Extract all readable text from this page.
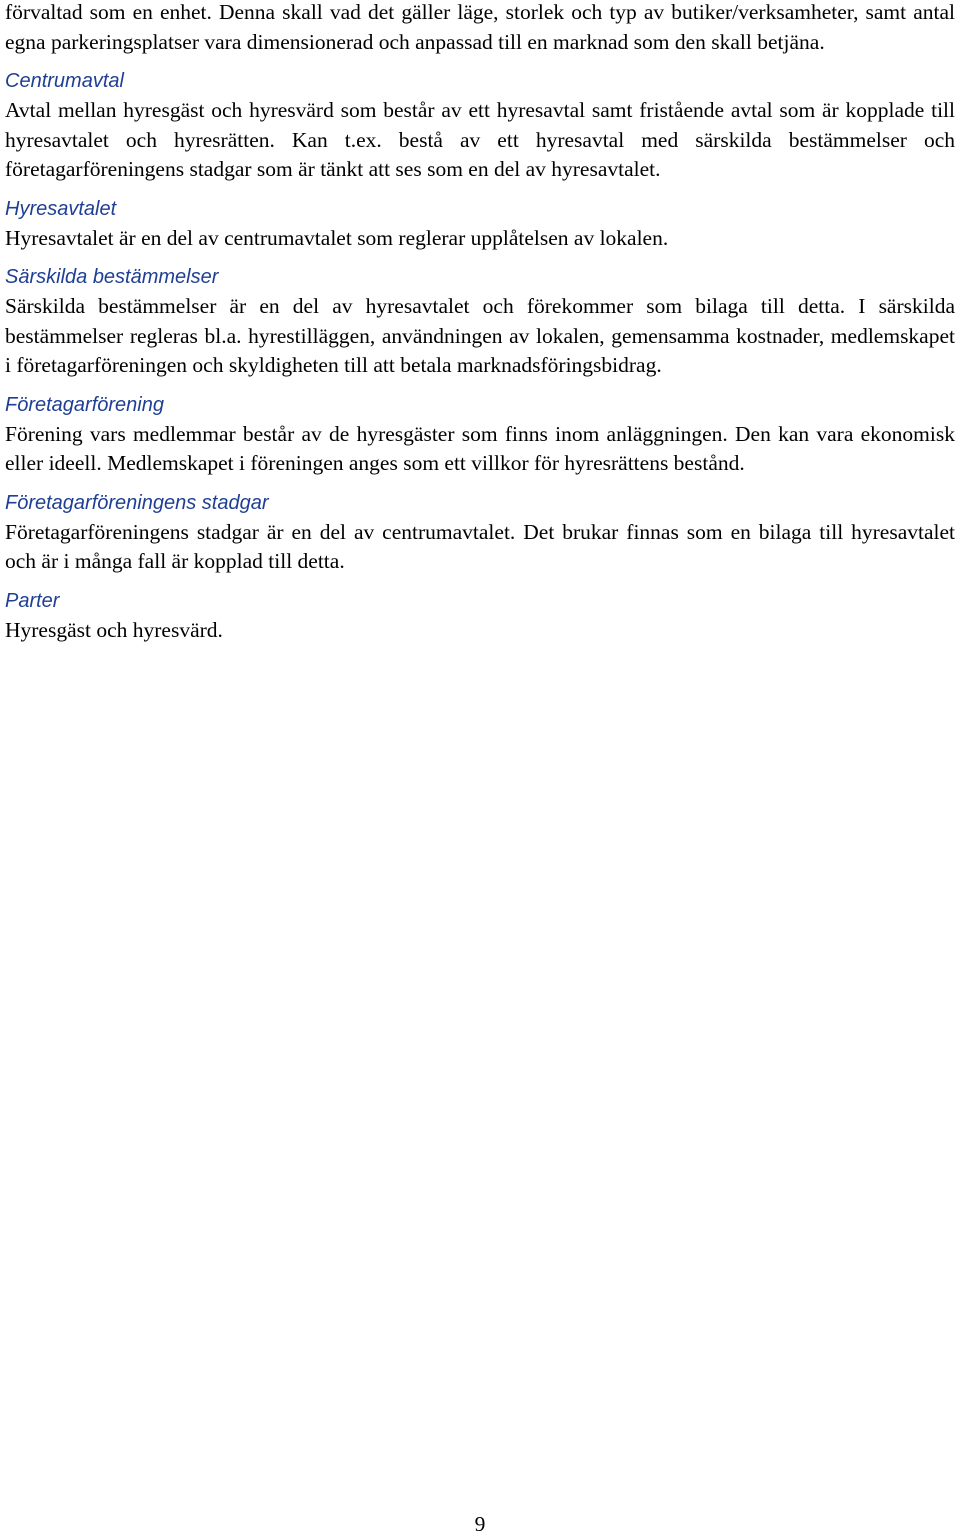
förvaltad som en enhet. Denna skall vad det gäller läge, storlek och typ av butiker/verksamheter, samt antal egna parkeringsplatser vara dimensionerad och anpassad till en marknad som den skall betjäna.

Centrumavtal

Avtal mellan hyresgäst och hyresvärd som består av ett hyresavtal samt fristående avtal som är kopplade till hyresavtalet och hyresrätten. Kan t.ex. bestå av ett hyresavtal med särskilda bestämmelser och företagarföreningens stadgar som är tänkt att ses som en del av hyresavtalet.

Hyresavtalet

Hyresavtalet är en del av centrumavtalet som reglerar upplåtelsen av lokalen.

Särskilda bestämmelser

Särskilda bestämmelser är en del av hyresavtalet och förekommer som bilaga till detta. I särskilda bestämmelser regleras bl.a. hyrestilläggen, användningen av lokalen, gemensamma kostnader, medlemskapet i företagarföreningen och skyldigheten till att betala marknadsföringsbidrag.

Företagarförening

Förening vars medlemmar består av de hyresgäster som finns inom anläggningen. Den kan vara ekonomisk eller ideell. Medlemskapet i föreningen anges som ett villkor för hyresrättens bestånd.

Företagarföreningens stadgar

Företagarföreningens stadgar är en del av centrumavtalet. Det brukar finnas som en bilaga till hyresavtalet och är i många fall är kopplad till detta.

Parter

Hyresgäst och hyresvärd.

9
